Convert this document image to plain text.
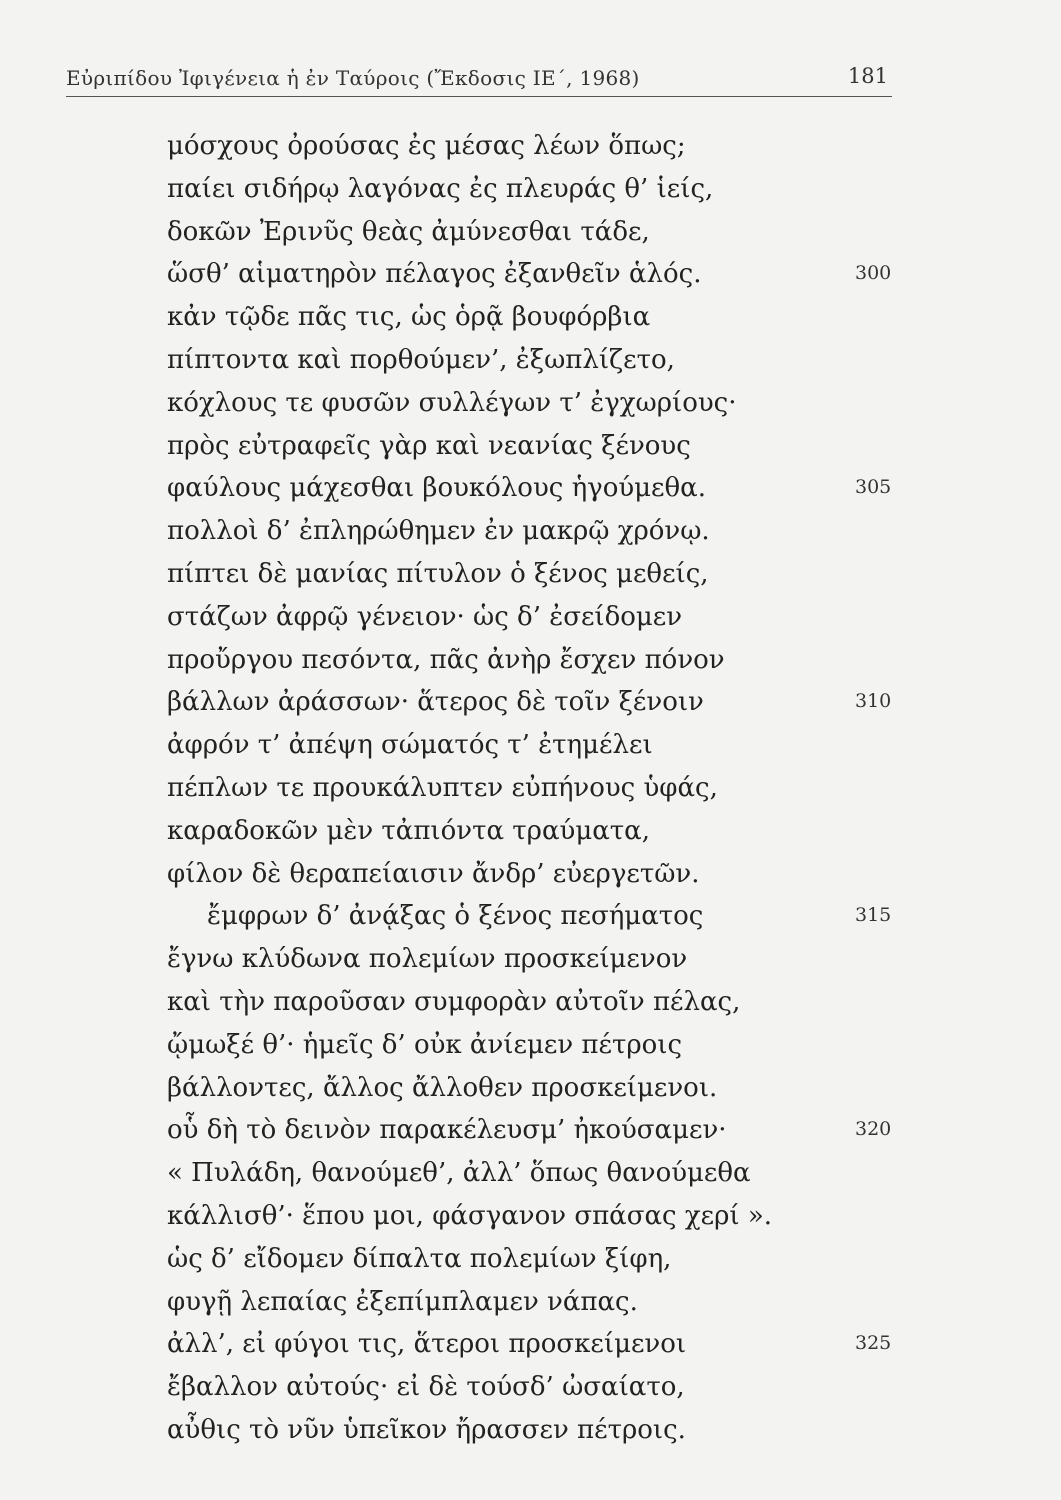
Εὐριπίδου Ἰφιγένεια ἡ ἐν Ταύροις (Ἔκδοσις ΙΕ΄, 1968)	181
μόσχους ὀρούσας ἐς μέσας λέων ὅπως;
παίει σιδήρῳ λαγόνας ἐς πλευράς θ’ ἱείς,
δοκῶν Ἐρινῦς θεὰς ἀμύνεσθαι τάδε,
ὥσθ’ αἱματηρὸν πέλαγος ἐξανθεῖν ἁλός.	300
κἀν τῷδε πᾶς τις, ὡς ὁρᾷ βουφόρβια
πίπτοντα καὶ πορθούμεν’, ἐξωπλίζετο,
κόχλους τε φυσῶν συλλέγων τ’ ἐγχωρίους·
πρὸς εὐτραφεῖς γὰρ καὶ νεανίας ξένους
φαύλους μάχεσθαι βουκόλους ἡγούμεθα.	305
πολλοὶ δ’ ἐπληρώθημεν ἐν μακρῷ χρόνῳ.
πίπτει δὲ μανίας πίτυλον ὁ ξένος μεθείς,
στάζων ἀφρῷ γένειον· ὡς δ’ ἐσείδομεν
προὔργου πεσόντα, πᾶς ἀνὴρ ἔσχεν πόνον
βάλλων ἀράσσων· ἅτερος δὲ τοῖν ξένοιν	310
ἀφρόν τ’ ἀπέψη σώματός τ’ ἐτημέλει
πέπλων τε προυκάλυπτεν εὐπήνους ὑφάς,
καραδοκῶν μὲν τἀπιόντα τραύματα,
φίλον δὲ θεραπείαισιν ἄνδρ’ εὐεργετῶν.
ἔμφρων δ’ ἀνᾴξας ὁ ξένος πεσήματος	315
ἔγνω κλύδωνα πολεμίων προσκείμενον
καὶ τὴν παροῦσαν συμφορὰν αὐτοῖν πέλας,
ᾤμωξέ θ’· ἡμεῖς δ’ οὐκ ἀνίεμεν πέτροις
βάλλοντες, ἄλλος ἄλλοθεν προσκείμενοι.
οὗ δὴ τὸ δεινὸν παρακέλευσμ’ ἠκούσαμεν·	320
« Πυλάδη, θανούμεθ’, ἀλλ’ ὅπως θανούμεθα
κάλλισθ’· ἕπου μοι, φάσγανον σπάσας χερί ».
ὡς δ’ εἴδομεν δίπαλτα πολεμίων ξίφη,
φυγῇ λεπαίας ἐξεπίμπλαμεν νάπας.
ἀλλ’, εἰ φύγοι τις, ἅτεροι προσκείμενοι	325
ἔβαλλον αὐτούς· εἰ δὲ τούσδ’ ὠσαίατο,
αὖθις τὸ νῦν ὑπεῖκον ἤρασσεν πέτροις.
